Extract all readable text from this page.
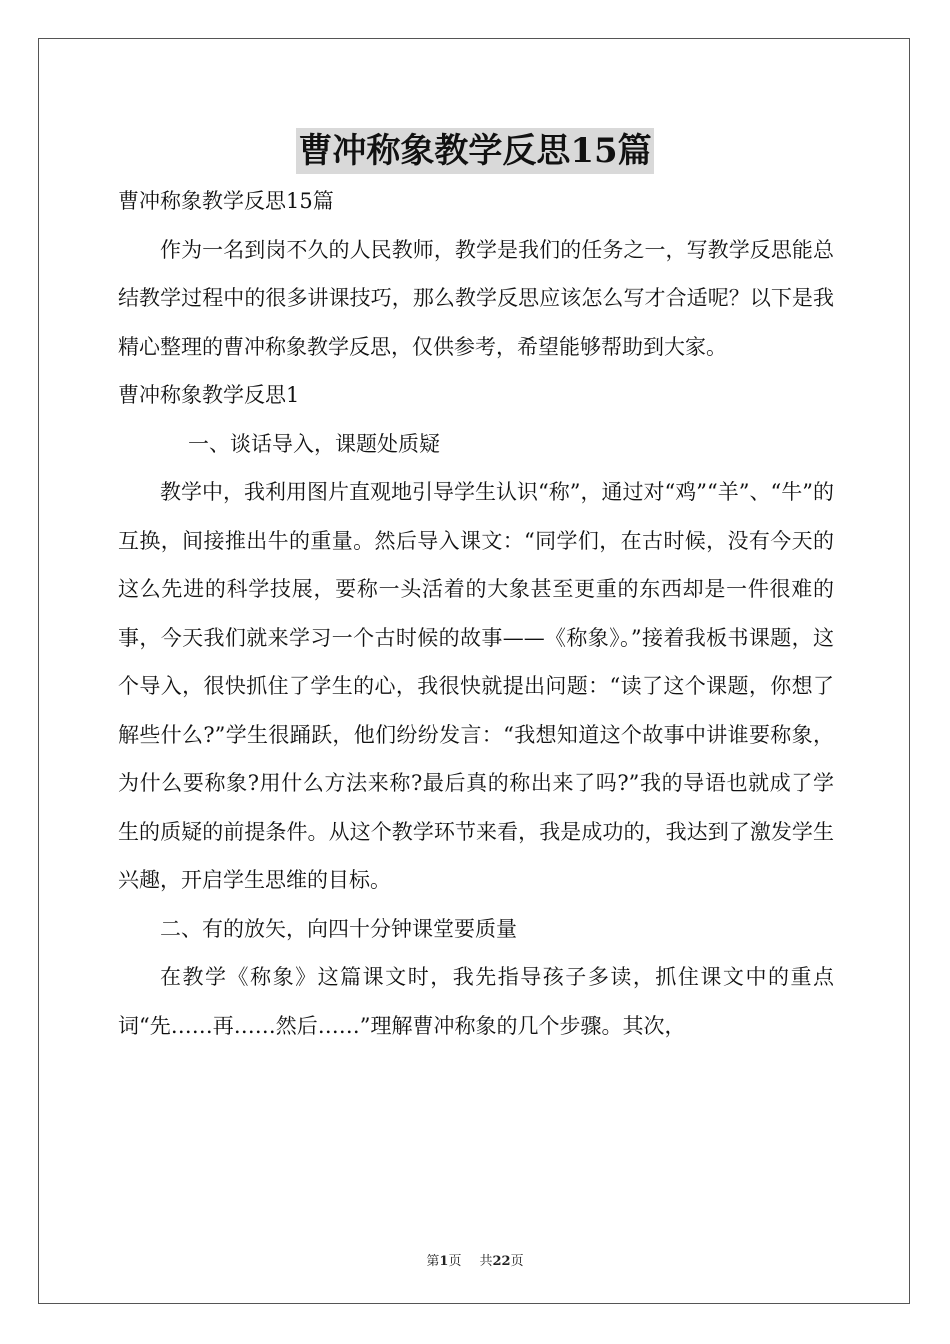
曹冲称象教学反思15篇

曹冲称象教学反思15篇

作为一名到岗不久的人民教师，教学是我们的任务之一，写教学反思能总结教学过程中的很多讲课技巧，那么教学反思应该怎么写才合适呢？以下是我精心整理的曹冲称象教学反思，仅供参考，希望能够帮助到大家。

曹冲称象教学反思1

一、谈话导入，课题处质疑

教学中，我利用图片直观地引导学生认识“称”，通过对“鸡”“羊”、“牛”的互换，间接推出牛的重量。然后导入课文：“同学们，在古时候，没有今天的这么先进的科学技展，要称一头活着的大象甚至更重的东西却是一件很难的事，今天我们就来学习一个古时候的故事——《称象》。”接着我板书课题，这个导入，很快抓住了学生的心，我很快就提出问题：“读了这个课题，你想了解些什么?”学生很踊跃，他们纷纷发言：“我想知道这个故事中讲谁要称象，为什么要称象?用什么方法来称?最后真的称出来了吗?”我的导语也就成了学生的质疑的前提条件。从这个教学环节来看，我是成功的，我达到了激发学生兴趣，开启学生思维的目标。

二、有的放矢，向四十分钟课堂要质量

在教学《称象》这篇课文时，我先指导孩子多读，抓住课文中的重点词“先……再……然后……”理解曹冲称象的几个步骤。其次，

第1页 共22页
